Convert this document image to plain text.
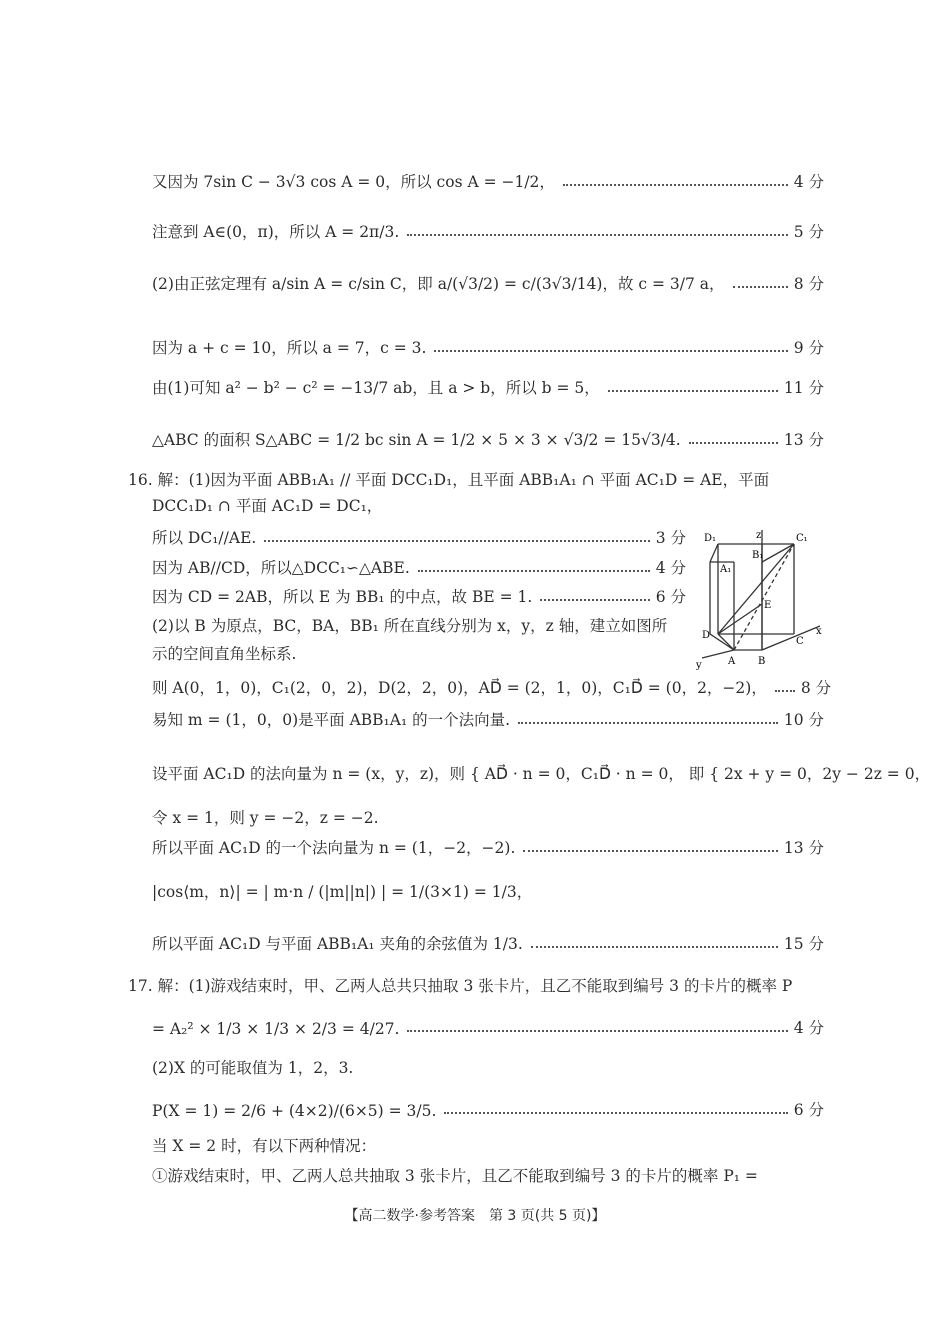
又因为 7sin C − 3√3 cos A = 0，所以 cos A = −1/2，	4 分
注意到 A∈(0，π)，所以 A = 2π/3.	5 分
(2)由正弦定理有 a/sin A = c/sin C，即 a/(√3/2) = c/(3√3/14)，故 c = 3/7 a，	8 分
因为 a + c = 10，所以 a = 7，c = 3.	9 分
由(1)可知 a² − b² − c² = −13/7 ab，且 a > b，所以 b = 5，	11 分
△ABC 的面积 S△ABC = 1/2 bc sin A = 1/2 × 5 × 3 × √3/2 = 15√3/4.	13 分
16. 解：(1)因为平面 ABB₁A₁ // 平面 DCC₁D₁，且平面 ABB₁A₁ ∩ 平面 AC₁D = AE，平面
DCC₁D₁ ∩ 平面 AC₁D = DC₁，
所以 DC₁//AE.	3 分
因为 AB//CD，所以△DCC₁∽△ABE.	4 分
因为 CD = 2AB，所以 E 为 BB₁ 的中点，故 BE = 1.	6 分
(2)以 B 为原点，BC，BA，BB₁ 所在直线分别为 x，y，z 轴，建立如图所
示的空间直角坐标系.
D₁	C₁
A₁
B₁
z
x
y
D
C
A B
E
则 A(0，1，0)，C₁(2，0，2)，D(2，2，0)，AD⃗ = (2，1，0)，C₁D⃗ = (0，2，−2)， 8 分
易知 m = (1，0，0)是平面 ABB₁A₁ 的一个法向量.	10 分
设平面 AC₁D 的法向量为 n = (x，y，z)，则 { AD⃗ · n = 0，C₁D⃗ · n = 0， 即 { 2x + y = 0，2y − 2z = 0，
令 x = 1，则 y = −2，z = −2.
所以平面 AC₁D 的一个法向量为 n = (1，−2，−2).	13 分
|cos⟨m，n⟩| = | m·n / (|m||n|) | = 1/(3×1) = 1/3，
所以平面 AC₁D 与平面 ABB₁A₁ 夹角的余弦值为 1/3.	15 分
17. 解：(1)游戏结束时，甲、乙两人总共只抽取 3 张卡片，且乙不能取到编号 3 的卡片的概率 P
= A₂² × 1/3 × 1/3 × 2/3 = 4/27.	4 分
(2)X 的可能取值为 1，2，3.
P(X = 1) = 2/6 + (4×2)/(6×5) = 3/5.	6 分
当 X = 2 时，有以下两种情况：
①游戏结束时，甲、乙两人总共抽取 3 张卡片，且乙不能取到编号 3 的卡片的概率 P₁ =
【高二数学·参考答案　第 3 页(共 5 页)】
